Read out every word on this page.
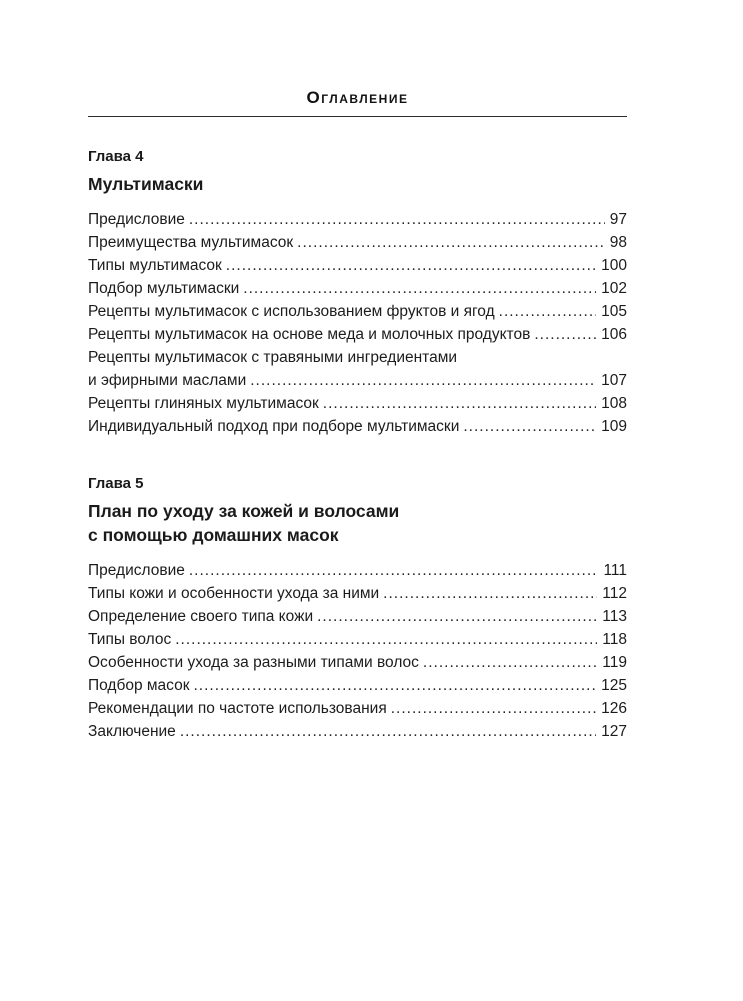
Оглавление
Глава 4
Мультимаски
Предисловие .....	97
Преимущества мультимасок .....	98
Типы мультимасок .....	100
Подбор мультимаски .....	102
Рецепты мультимасок с использованием фруктов и ягод .....	105
Рецепты мультимасок на основе меда и молочных продуктов .....	106
Рецепты мультимасок с травяными ингредиентами
и эфирными маслами .....	107
Рецепты глиняных мультимасок .....	108
Индивидуальный подход при подборе мультимаски .....	109
Глава 5
План по уходу за кожей и волосами
с помощью домашних масок
Предисловие .....	111
Типы кожи и особенности ухода за ними .....	112
Определение своего типа кожи .....	113
Типы волос .....	118
Особенности ухода за разными типами волос .....	119
Подбор масок .....	125
Рекомендации по частоте использования .....	126
Заключение .....	127
